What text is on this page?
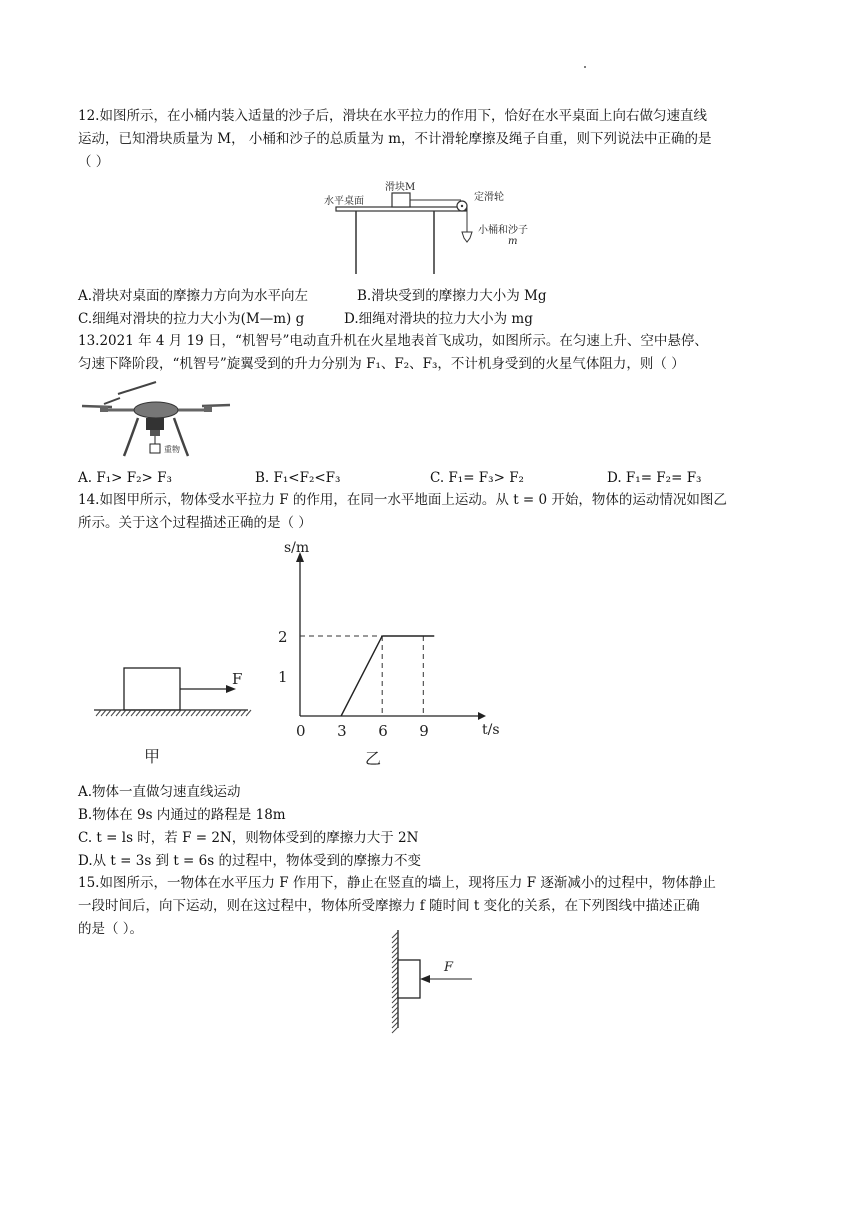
12.如图所示，在小桶内装入适量的沙子后，滑块在水平拉力的作用下，恰好在水平桌面上向右做匀速直线
运动，已知滑块质量为 M， 小桶和沙子的总质量为 m，不计滑轮摩擦及绳子自重，则下列说法中正确的是
（ ）
水平桌面
滑块M
定滑轮
小桶和沙子
m
A.滑块对桌面的摩擦力方向为水平向左	B.滑块受到的摩擦力大小为 Mg
C.细绳对滑块的拉力大小为(M—m) g	D.细绳对滑块的拉力大小为 mg
13.2021 年 4 月 19 日，“机智号”电动直升机在火星地表首飞成功，如图所示。在匀速上升、空中悬停、
匀速下降阶段，“机智号”旋翼受到的升力分别为 F₁、F₂、F₃，不计机身受到的火星气体阻力，则（ ）
重物
A. F₁> F₂> F₃	B. F₁<F₂<F₃	C. F₁= F₃> F₂	D. F₁= F₂= F₃
14.如图甲所示，物体受水平拉力 F 的作用，在同一水平地面上运动。从 t = 0 开始，物体的运动情况如图乙
所示。关于这个过程描述正确的是（ ）
F
甲
s/m
t/s
乙
0 3 6 9
1
2
A.物体一直做匀速直线运动
B.物体在 9s 内通过的路程是 18m
C. t = ls 时，若 F = 2N，则物体受到的摩擦力大于 2N
D.从 t = 3s 到 t = 6s 的过程中，物体受到的摩擦力不变
15.如图所示，一物体在水平压力 F 作用下，静止在竖直的墙上，现将压力 F 逐渐减小的过程中，物体静止
一段时间后，向下运动，则在这过程中，物体所受摩擦力 f 随时间 t 变化的关系，在下列图线中描述正确
的是（ ）。
F
